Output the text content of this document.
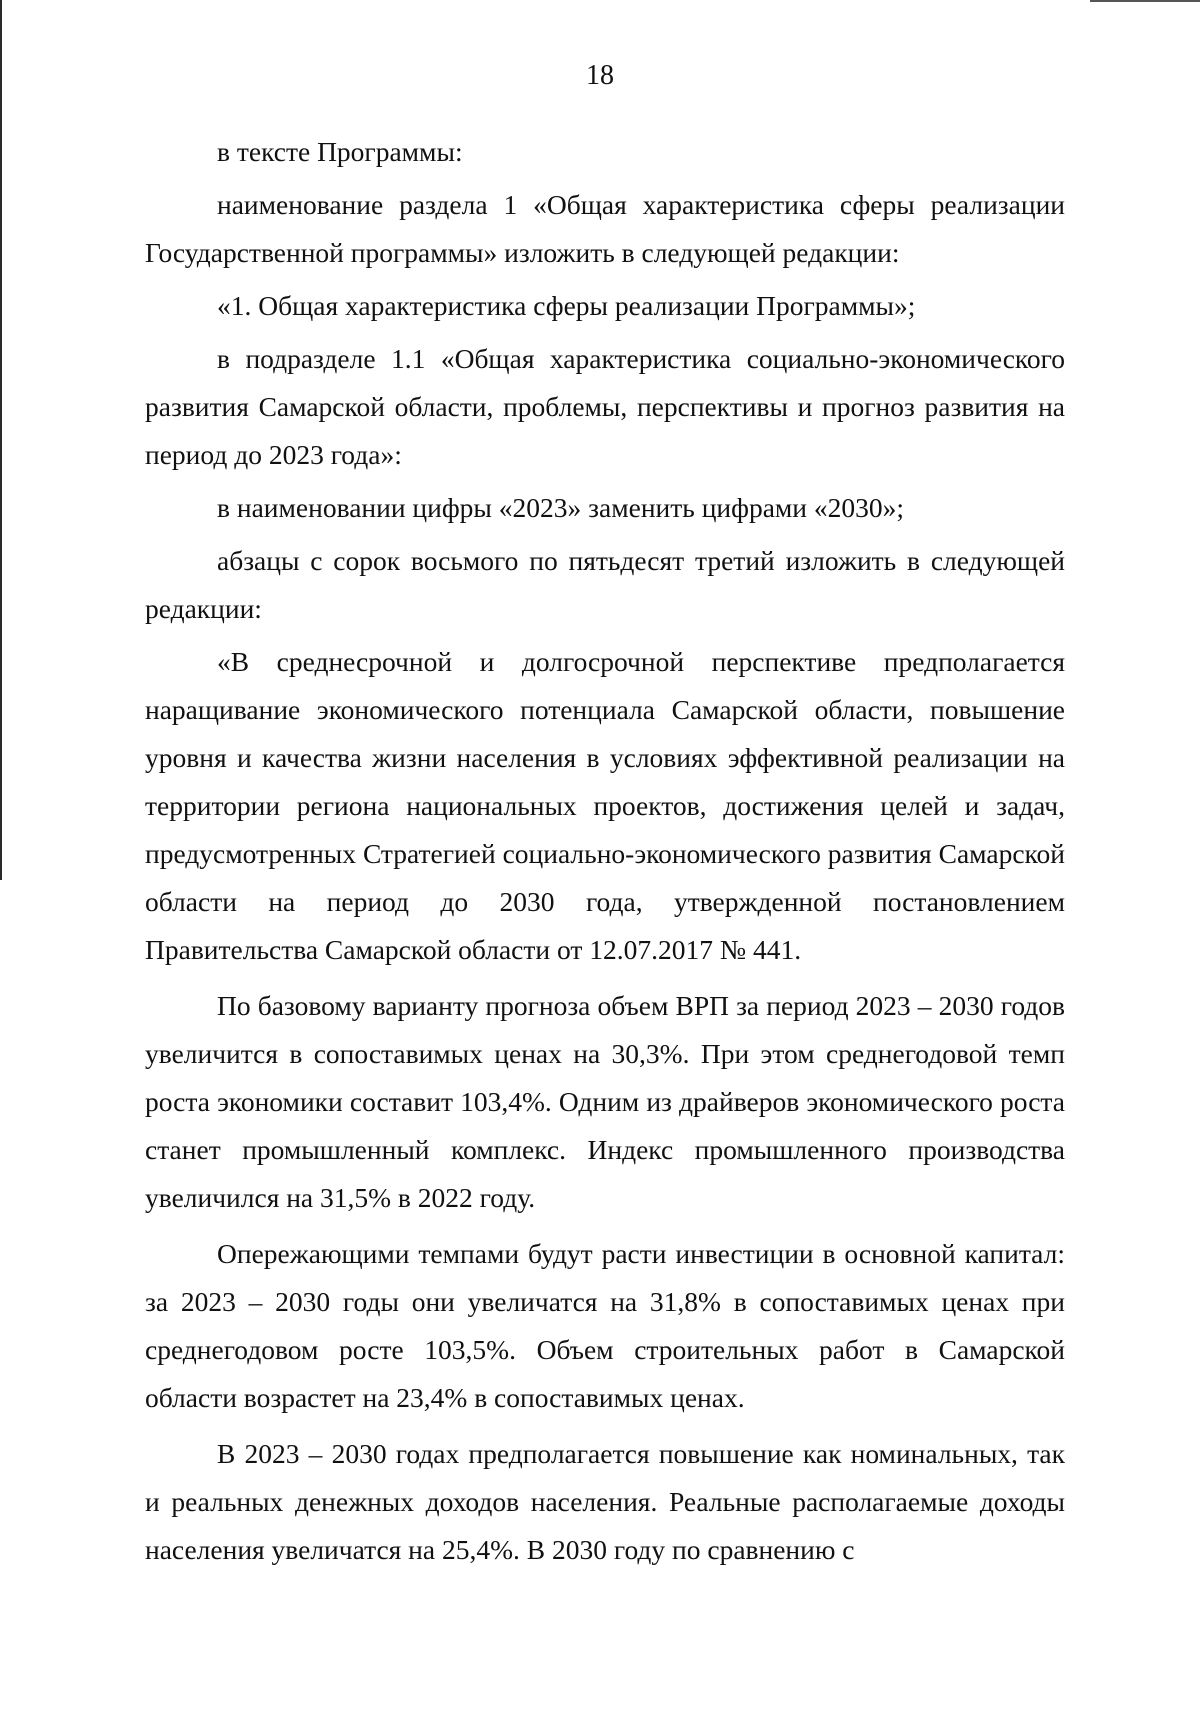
18

в тексте Программы:

наименование раздела 1 «Общая характеристика сферы реализации Государственной программы» изложить в следующей редакции:

«1. Общая характеристика сферы реализации Программы»;

в подразделе 1.1 «Общая характеристика социально-экономического развития Самарской области, проблемы, перспективы и прогноз развития на период до 2023 года»:

в наименовании цифры «2023» заменить цифрами «2030»;

абзацы с сорок восьмого по пятьдесят третий изложить в следующей редакции:

«В среднесрочной и долгосрочной перспективе предполагается наращивание экономического потенциала Самарской области, повышение уровня и качества жизни населения в условиях эффективной реализации на территории региона национальных проектов, достижения целей и задач, предусмотренных Стратегией социально-экономического развития Самарской области на период до 2030 года, утвержденной постановлением Правительства Самарской области от 12.07.2017 № 441.

По базовому варианту прогноза объем ВРП за период 2023 – 2030 годов увеличится в сопоставимых ценах на 30,3%. При этом среднегодовой темп роста экономики составит 103,4%. Одним из драйверов экономического роста станет промышленный комплекс. Индекс промышленного производства увеличился на 31,5% в 2022 году.

Опережающими темпами будут расти инвестиции в основной капитал: за 2023 – 2030 годы они увеличатся на 31,8% в сопоставимых ценах при среднегодовом росте 103,5%. Объем строительных работ в Самарской области возрастет на 23,4% в сопоставимых ценах.

В 2023 – 2030 годах предполагается повышение как номинальных, так и реальных денежных доходов населения. Реальные располагаемые доходы населения увеличатся на 25,4%. В 2030 году по сравнению с
